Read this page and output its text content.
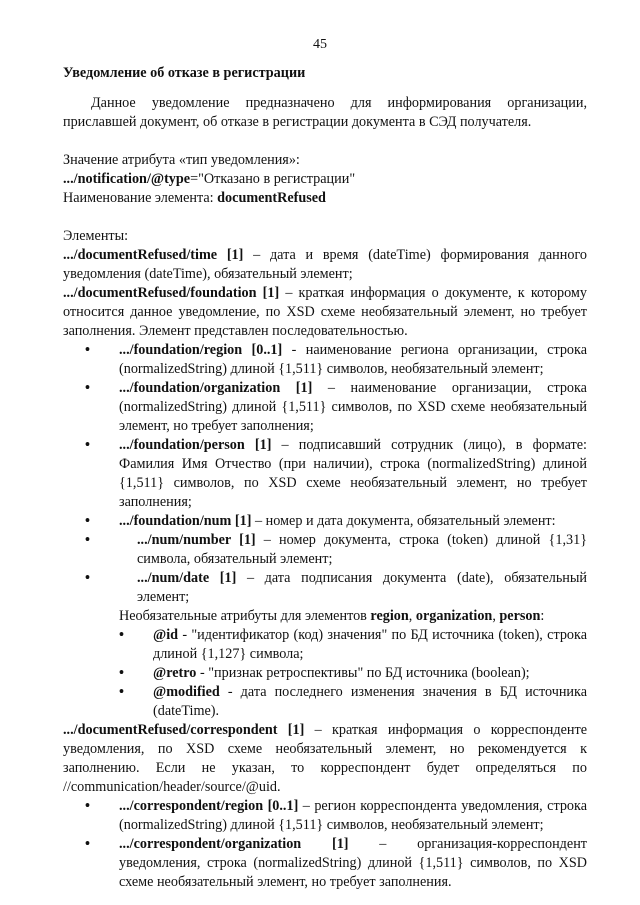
45

Уведомление об отказе в регистрации

Данное уведомление предназначено для информирования организации, приславшей документ, об отказе в регистрации документа в СЭД получателя.

Значение атрибута «тип уведомления»:

.../notification/@type="Отказано в регистрации"

Наименование элемента: documentRefused

Элементы:

.../documentRefused/time [1] – дата и время (dateTime) формирования данного уведомления (dateTime), обязательный элемент;

.../documentRefused/foundation [1] – краткая информация о документе, к которому относится данное уведомление, по XSD схеме необязательный элемент, но требует заполнения. Элемент представлен последовательностью.

• .../foundation/region [0..1] - наименование региона организации, строка (normalizedString) длиной {1,511} символов, необязательный элемент;
• .../foundation/organization [1] – наименование организации, строка (normalizedString) длиной {1,511} символов, по XSD схеме необязательный элемент, но требует заполнения;
• .../foundation/person [1] – подписавший сотрудник (лицо), в формате: Фамилия Имя Отчество (при наличии), строка (normalizedString) длиной {1,511} символов, по XSD схеме необязательный элемент, но требует заполнения;
• .../foundation/num [1] – номер и дата документа, обязательный элемент:
•	.../num/number [1] – номер документа, строка (token) длиной {1,31}символа, обязательный элемент;
•	.../num/date [1] – дата подписания документа (date), обязательный элемент;

Необязательные атрибуты для элементов region, organization, person:

• @id - "идентификатор (код) значения" по БД источника (token), строка длиной {1,127} символа;
• @retro - "признак ретроспективы" по БД источника (boolean);
• @modified - дата последнего изменения значения в БД источника (dateTime).

.../documentRefused/correspondent [1] – краткая информация о корреспонденте уведомления, по XSD схеме необязательный элемент, но рекомендуется к заполнению. Если не указан, то корреспондент будет определяться по //communication/header/source/@uid.

• .../correspondent/region [0..1] – регион корреспондента уведомления, строка (normalizedString) длиной {1,511} символов, необязательный элемент;
• .../correspondent/organization [1] – организация-корреспондент уведомления, строка (normalizedString) длиной {1,511} символов, по XSD схеме необязательный элемент, но требует заполнения.
